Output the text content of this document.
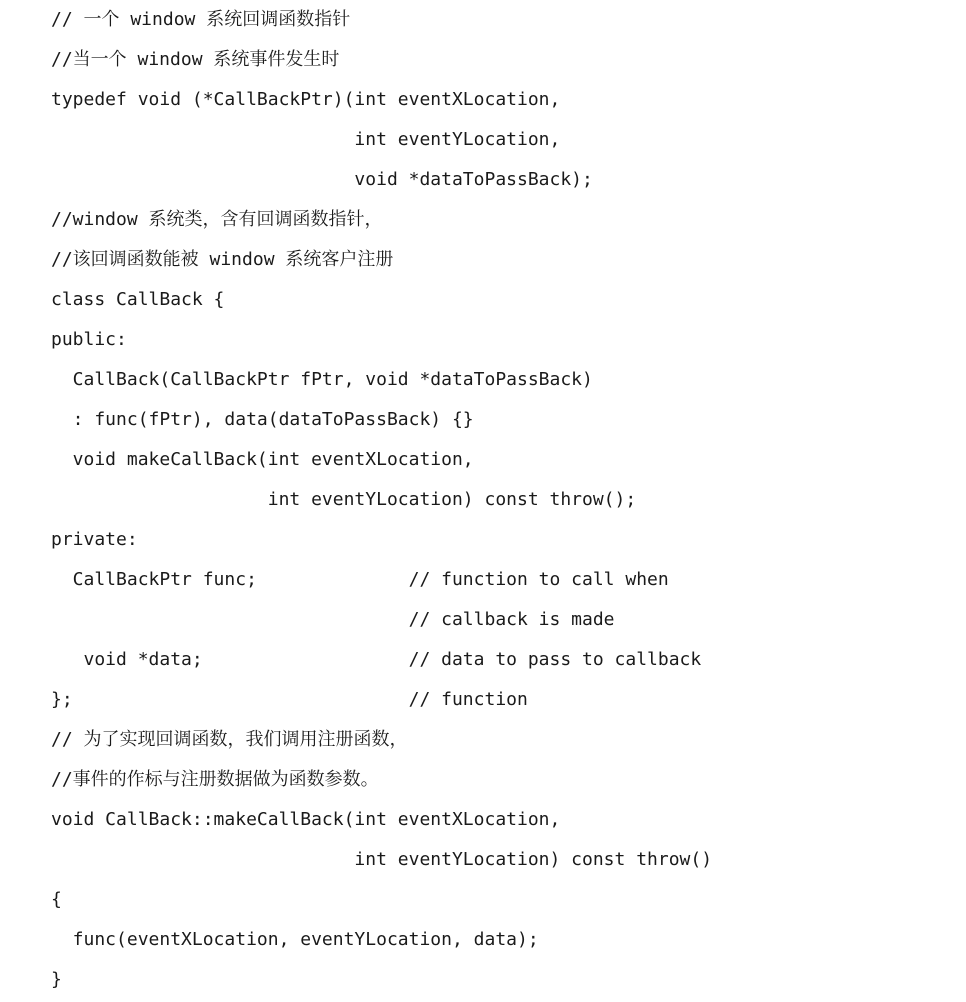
// 一个 window 系统回调函数指针
//当一个 window 系统事件发生时
typedef void (*CallBackPtr)(int eventXLocation,
int eventYLocation,
void *dataToPassBack);
//window 系统类，含有回调函数指针，
//该回调函数能被 window 系统客户注册
class CallBack {
public:
CallBack(CallBackPtr fPtr, void *dataToPassBack)
: func(fPtr), data(dataToPassBack) {}
void makeCallBack(int eventXLocation,
int eventYLocation) const throw();
private:
CallBackPtr func;              // function to call when
// callback is made
void *data;                   // data to pass to callback
};                               // function
// 为了实现回调函数，我们调用注册函数，
//事件的作标与注册数据做为函数参数。
void CallBack::makeCallBack(int eventXLocation,
int eventYLocation) const throw()
{
func(eventXLocation, eventYLocation, data);
}
